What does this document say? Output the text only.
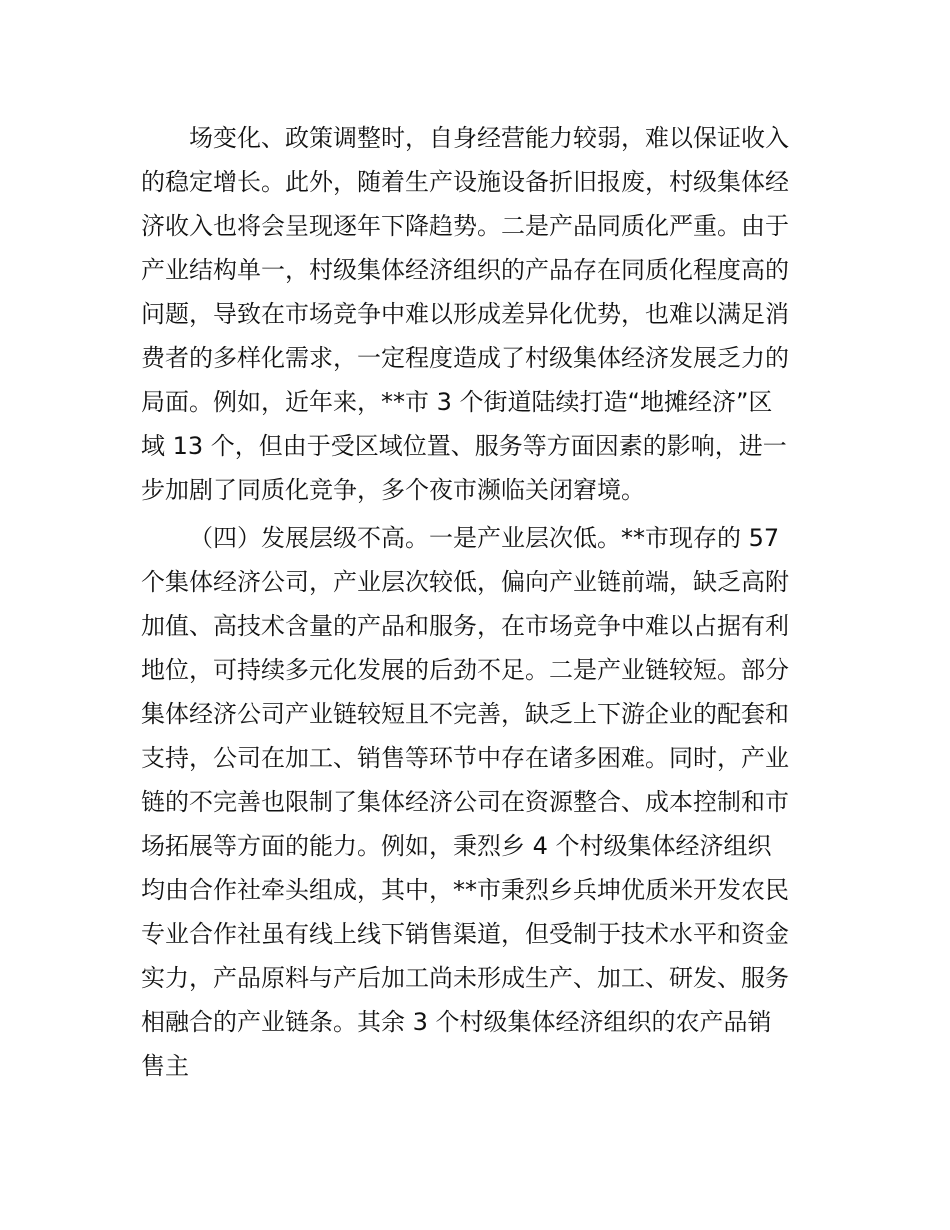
场变化、政策调整时，自身经营能力较弱，难以保证收入
的稳定增长。此外，随着生产设施设备折旧报废，村级集体经
济收入也将会呈现逐年下降趋势。二是产品同质化严重。由于
产业结构单一，村级集体经济组织的产品存在同质化程度高的
问题，导致在市场竞争中难以形成差异化优势，也难以满足消
费者的多样化需求，一定程度造成了村级集体经济发展乏力的
局面。例如，近年来，**市 3 个街道陆续打造“地摊经济”区
域 13 个，但由于受区域位置、服务等方面因素的影响，进一
步加剧了同质化竞争，多个夜市濒临关闭窘境。
（四）发展层级不高。一是产业层次低。**市现存的 57
个集体经济公司，产业层次较低，偏向产业链前端，缺乏高附
加值、高技术含量的产品和服务，在市场竞争中难以占据有利
地位，可持续多元化发展的后劲不足。二是产业链较短。部分
集体经济公司产业链较短且不完善，缺乏上下游企业的配套和
支持，公司在加工、销售等环节中存在诸多困难。同时，产业
链的不完善也限制了集体经济公司在资源整合、成本控制和市
场拓展等方面的能力。例如，秉烈乡 4 个村级集体经济组织
均由合作社牵头组成，其中，**市秉烈乡兵坤优质米开发农民
专业合作社虽有线上线下销售渠道，但受制于技术水平和资金
实力，产品原料与产后加工尚未形成生产、加工、研发、服务
相融合的产业链条。其余 3 个村级集体经济组织的农产品销
售主
